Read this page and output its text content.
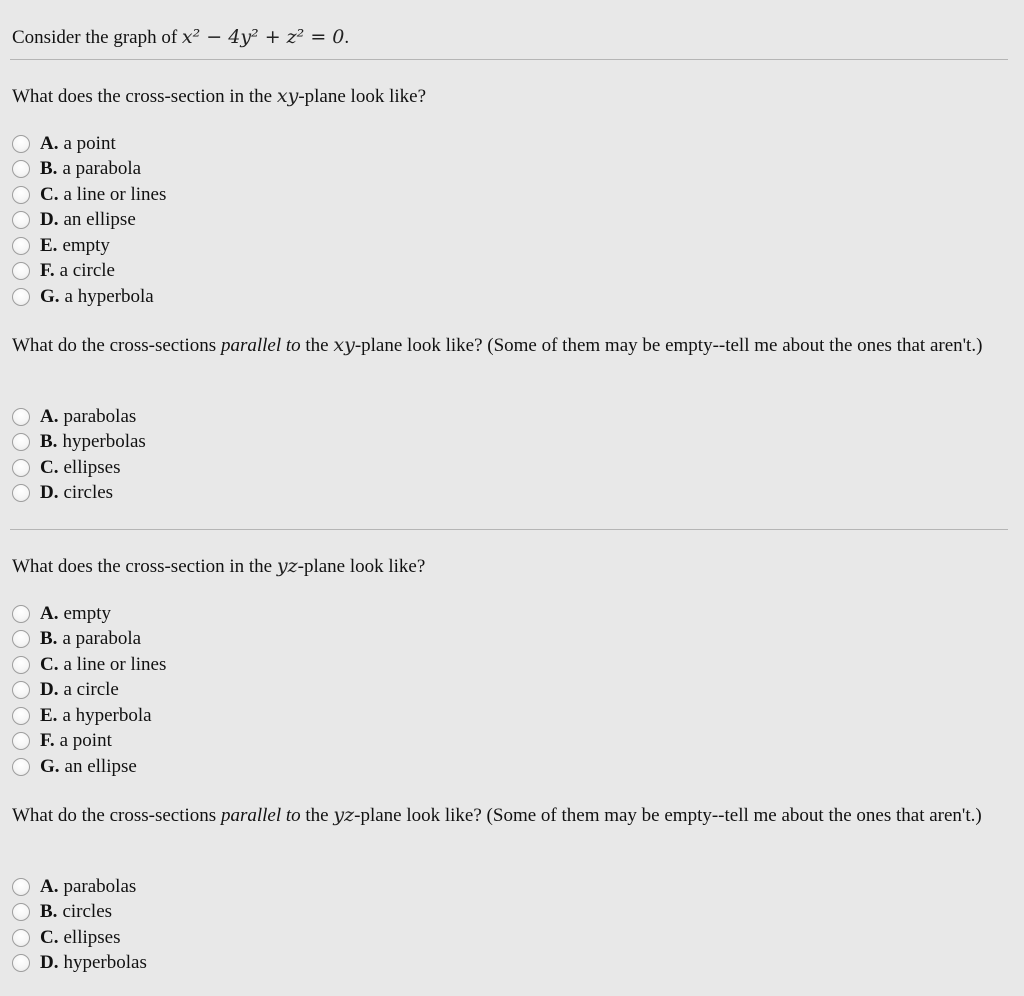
Consider the graph of x² − 4y² + z² = 0.
What does the cross-section in the xy-plane look like?
A. a point
B. a parabola
C. a line or lines
D. an ellipse
E. empty
F. a circle
G. a hyperbola
What do the cross-sections parallel to the xy-plane look like? (Some of them may be empty--tell me about the ones that aren't.)
A. parabolas
B. hyperbolas
C. ellipses
D. circles
What does the cross-section in the yz-plane look like?
A. empty
B. a parabola
C. a line or lines
D. a circle
E. a hyperbola
F. a point
G. an ellipse
What do the cross-sections parallel to the yz-plane look like? (Some of them may be empty--tell me about the ones that aren't.)
A. parabolas
B. circles
C. ellipses
D. hyperbolas
